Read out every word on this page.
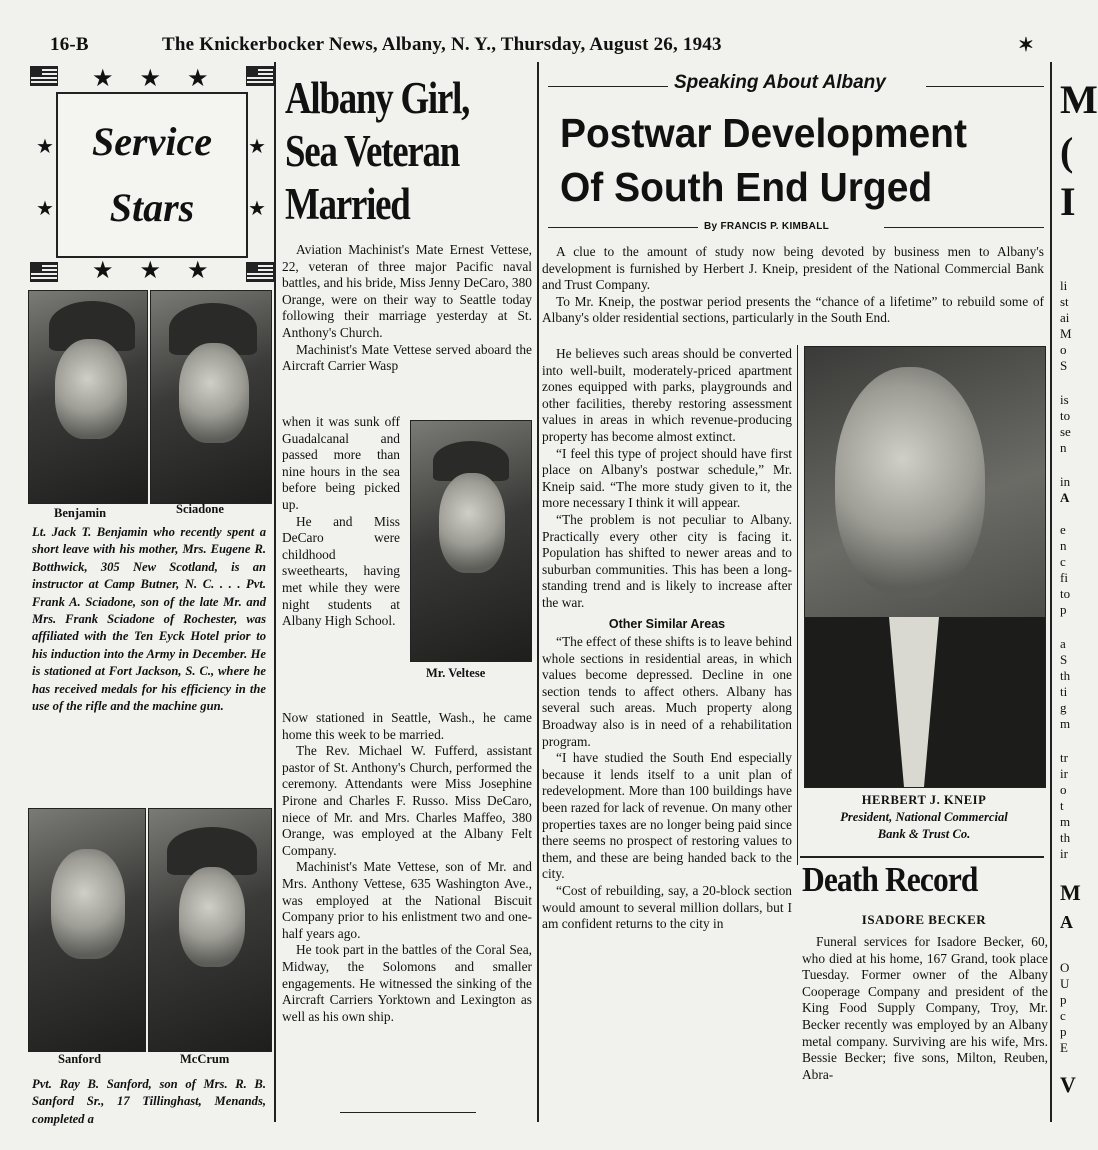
16-B	The Knickerbocker News, Albany, N. Y., Thursday, August 26, 1943	✶
★★★
★
★
★
★
Service
Stars
★★★
Benjamin	Sciadone
Lt. Jack T. Benjamin who recently spent a short leave with his mother, Mrs. Eugene R. Botthwick, 305 New Scotland, is an instructor at Camp Butner, N. C. . . . Pvt. Frank A. Sciadone, son of the late Mr. and Mrs. Frank Sciadone of Rochester, was affiliated with the Ten Eyck Hotel prior to his induction into the Army in December. He is stationed at Fort Jackson, S. C., where he has received medals for his efficiency in the use of the rifle and the machine gun.
Sanford	McCrum
Pvt. Ray B. Sanford, son of Mrs. R. B. Sanford Sr., 17 Tillinghast, Menands, completed a
Albany Girl,
Sea Veteran
Married

Aviation Machinist's Mate Ernest Vettese, 22, veteran of three major Pacific naval battles, and his bride, Miss Jenny DeCaro, 380 Orange, were on their way to Seattle today following their marriage yesterday at St. Anthony's Church.

Machinist's Mate Vettese served aboard the Aircraft Carrier Wasp

when it was sunk off Guadalcanal and passed more than nine hours in the sea before being picked up.

He and Miss DeCaro were childhood sweethearts, having met while they were night students at Albany High School.

Mr. Veltese

Now stationed in Seattle, Wash., he came home this week to be married.

The Rev. Michael W. Fufferd, assistant pastor of St. Anthony's Church, performed the ceremony. Attendants were Miss Josephine Pirone and Charles F. Russo. Miss DeCaro, niece of Mr. and Mrs. Charles Maffeo, 380 Orange, was employed at the Albany Felt Company.

Machinist's Mate Vettese, son of Mr. and Mrs. Anthony Vettese, 635 Washington Ave., was employed at the National Biscuit Company prior to his enlistment two and one-half years ago.

He took part in the battles of the Coral Sea, Midway, the Solomons and smaller engagements. He witnessed the sinking of the Aircraft Carriers Yorktown and Lexington as well as his own ship.

Speaking About Albany
Postwar Development
Of South End Urged
By FRANCIS P. KIMBALL

A clue to the amount of study now being devoted by business men to Albany's development is furnished by Herbert J. Kneip, president of the National Commercial Bank and Trust Company.

To Mr. Kneip, the postwar period presents the “chance of a lifetime” to rebuild some of Albany's older residential sections, particularly in the South End.

He believes such areas should be converted into well-built, moderately-priced apartment zones equipped with parks, playgrounds and other facilities, thereby restoring assessment values in areas in which revenue-producing property has become almost extinct.

“I feel this type of project should have first place on Albany's postwar schedule,” Mr. Kneip said. “The more study given to it, the more necessary I think it will appear.

“The problem is not peculiar to Albany. Practically every other city is facing it. Population has shifted to newer areas and to suburban communities. This has been a long-standing trend and is likely to increase after the war.

Other Similar Areas

“The effect of these shifts is to leave behind whole sections in residential areas, in which values become depressed. Decline in one section tends to affect others. Albany has several such areas. Much property along Broadway also is in need of a rehabilitation program.

“I have studied the South End especially because it lends itself to a unit plan of redevelopment. More than 100 buildings have been razed for lack of revenue. On many other properties taxes are no longer being paid since there seems no prospect of restoring values to them, and these are being handed back to the city.

“Cost of rebuilding, say, a 20-block section would amount to several million dollars, but I am confident returns to the city in

HERBERT J. KNEIP
President, National Commercial
Bank & Trust Co.
Death Record
ISADORE BECKER
Funeral services for Isadore Becker, 60, who died at his home, 167 Grand, took place Tuesday. Former owner of the Albany Cooperage Company and president of the King Food Supply Company, Troy, Mr. Becker recently was employed by an Albany metal company. Surviving are his wife, Mrs. Bessie Becker; five sons, Milton, Reuben, Abra-
M
(
I
li
st
ai
M
o
S
is
to
se
n
in
A
e
n
c
fi
to
p
a
S
th
ti
g
m
tr
ir
o
t
m
th
ir
M
A
O
U
p
c
p
E
V
